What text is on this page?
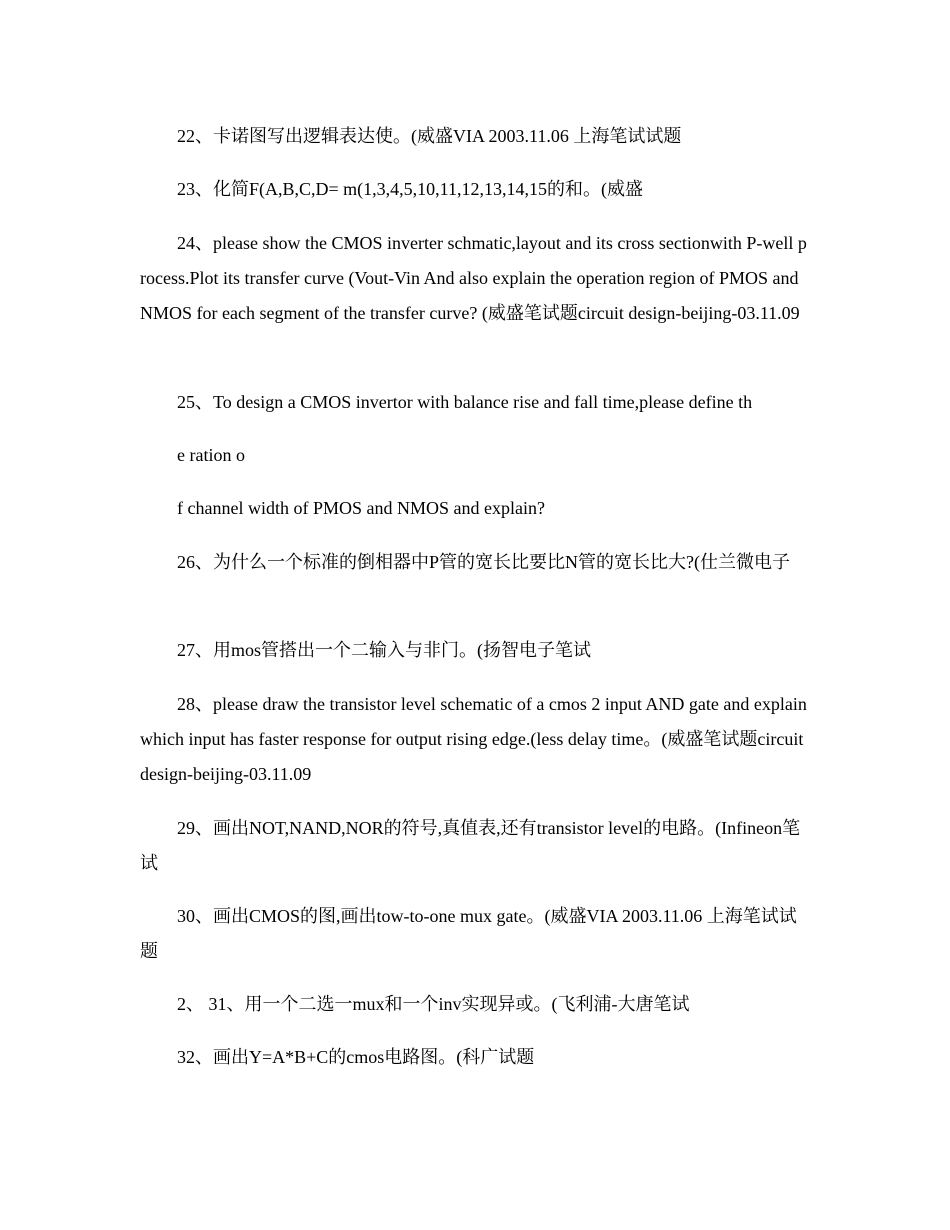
22、卡诺图写出逻辑表达使。(威盛VIA 2003.11.06 上海笔试试题
23、化简F(A,B,C,D= m(1,3,4,5,10,11,12,13,14,15的和。(威盛
24、please show the CMOS inverter schmatic,layout and its cross sectionwith P-well process.Plot its transfer curve (Vout-Vin And also explain the operation region of PMOS and NMOS for each segment of the transfer curve? (威盛笔试题circuit design-beijing-03.11.09
25、To design a CMOS invertor with balance rise and fall time,please define th
e ration o
f channel width of PMOS and NMOS and explain?
26、为什么一个标准的倒相器中P管的宽长比要比N管的宽长比大?(仕兰微电子
27、用mos管搭出一个二输入与非门。(扬智电子笔试
28、please draw the transistor level schematic of a cmos 2 input AND gate and explain which input has faster response for output rising edge.(less delay time。(威盛笔试题circuit design-beijing-03.11.09
29、画出NOT,NAND,NOR的符号,真值表,还有transistor level的电路。(Infineon笔试
30、画出CMOS的图,画出tow-to-one mux gate。(威盛VIA 2003.11.06 上海笔试试题
2、 31、用一个二选一mux和一个inv实现异或。(飞利浦-大唐笔试
32、画出Y=A*B+C的cmos电路图。(科广试题
